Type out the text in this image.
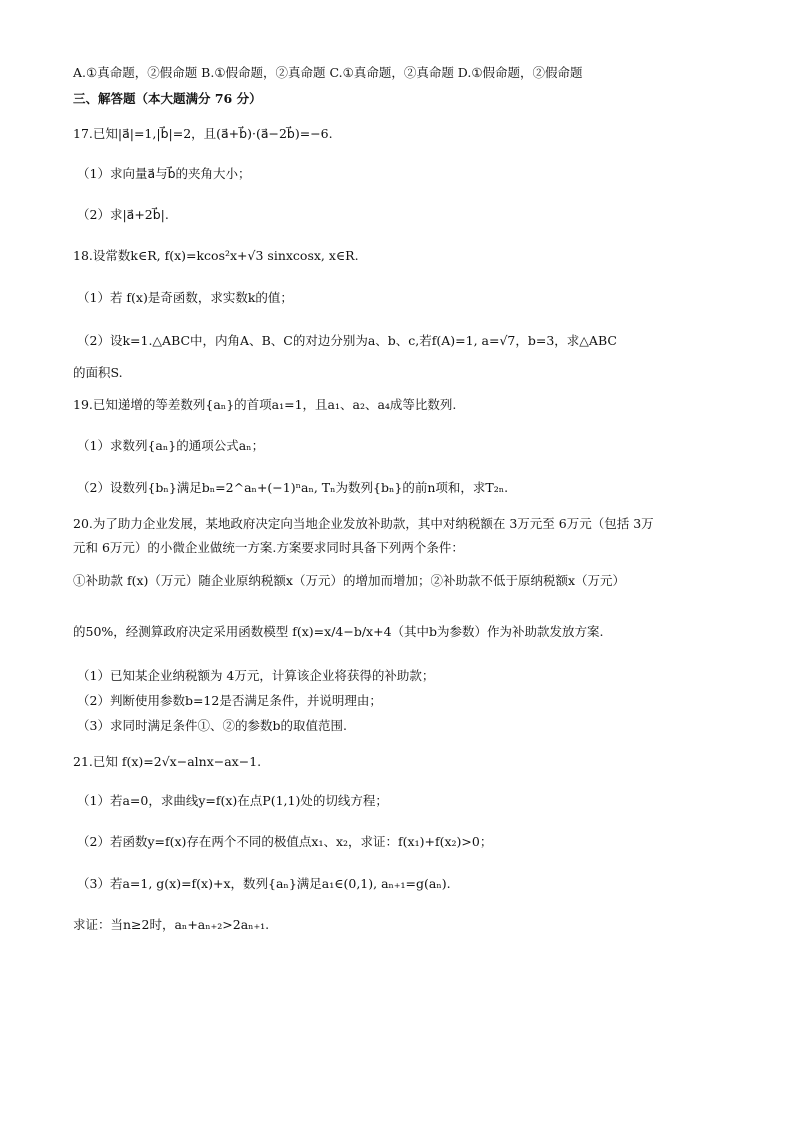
A.①真命题，②假命题 B.①假命题，②真命题 C.①真命题，②真命题 D.①假命题，②假命题
三、解答题（本大题满分 76 分）
17.已知|a⃗|=1,|b⃗|=2，且(a⃗+b⃗)·(a⃗−2b⃗)=−6.
（1）求向量a⃗与b⃗的夹角大小；
（2）求|a⃗+2b⃗|.
18.设常数k∈R, f(x)=kcos²x+√3 sinxcosx, x∈R.
（1）若 f(x)是奇函数，求实数k的值；
（2）设k=1.△ABC中，内角A、B、C的对边分别为a、b、c,若f(A)=1, a=√7，b=3，求△ABC
的面积S.
19.已知递增的等差数列{aₙ}的首项a₁=1，且a₁、a₂、a₄成等比数列.
（1）求数列{aₙ}的通项公式aₙ；
（2）设数列{bₙ}满足bₙ=2^aₙ+(−1)ⁿaₙ, Tₙ为数列{bₙ}的前n项和，求T₂ₙ.
20.为了助力企业发展，某地政府决定向当地企业发放补助款，其中对纳税额在 3万元至 6万元（包括 3万
元和 6万元）的小微企业做统一方案.方案要求同时具备下列两个条件：
①补助款 f(x)（万元）随企业原纳税额x（万元）的增加而增加；②补助款不低于原纳税额x（万元）
的50%，经测算政府决定采用函数模型 f(x)=x/4−b/x+4（其中b为参数）作为补助款发放方案.
（1）已知某企业纳税额为 4万元，计算该企业将获得的补助款；
（2）判断使用参数b=12是否满足条件，并说明理由；
（3）求同时满足条件①、②的参数b的取值范围.
21.已知 f(x)=2√x−alnx−ax−1.
（1）若a=0，求曲线y=f(x)在点P(1,1)处的切线方程；
（2）若函数y=f(x)存在两个不同的极值点x₁、x₂，求证：f(x₁)+f(x₂)>0；
（3）若a=1, g(x)=f(x)+x，数列{aₙ}满足a₁∈(0,1), aₙ₊₁=g(aₙ).
求证：当n≥2时，aₙ+aₙ₊₂>2aₙ₊₁.
